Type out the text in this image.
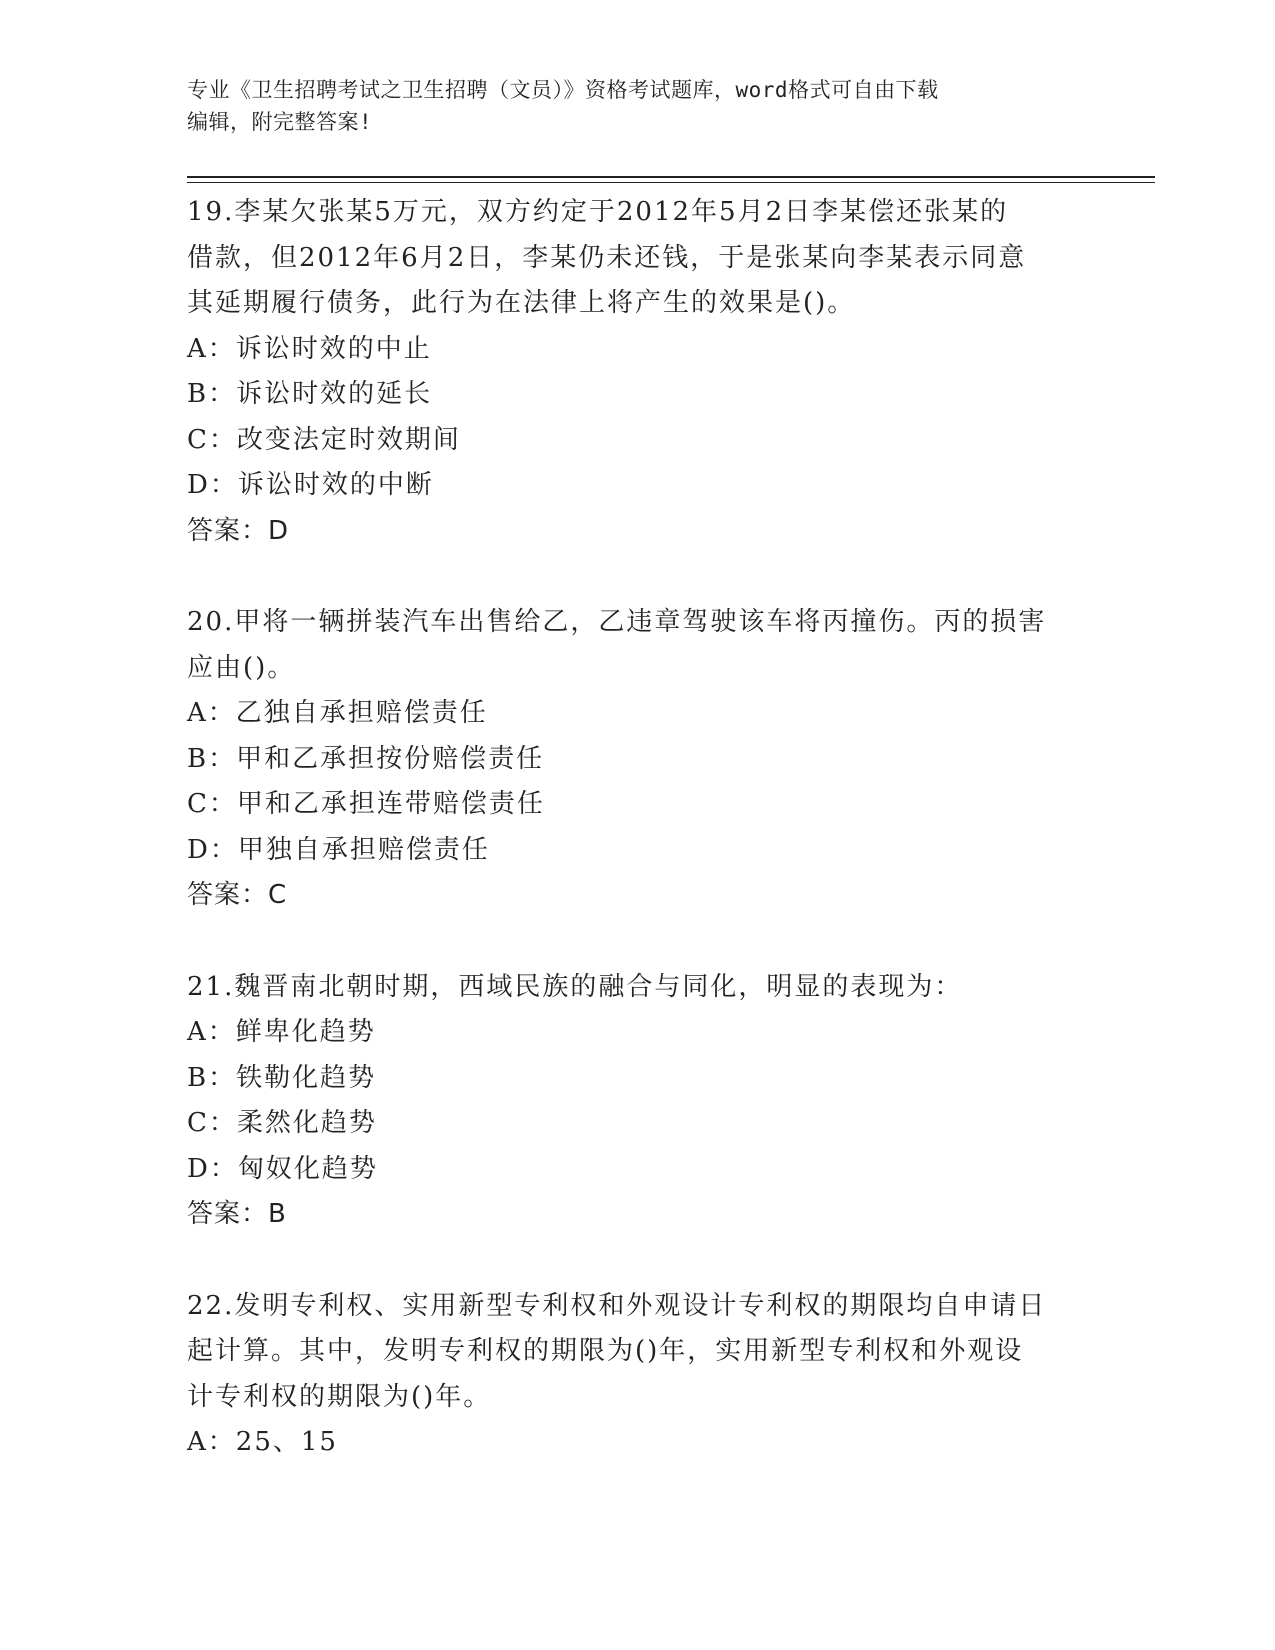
专业《卫生招聘考试之卫生招聘（文员）》资格考试题库，word格式可自由下载
编辑，附完整答案!

19.李某欠张某5万元，双方约定于2012年5月2日李某偿还张某的

借款，但2012年6月2日，李某仍未还钱，于是张某向李某表示同意

其延期履行债务，此行为在法律上将产生的效果是()。

A：诉讼时效的中止

B：诉讼时效的延长

C：改变法定时效期间

D：诉讼时效的中断

答案：D

20.甲将一辆拼装汽车出售给乙，乙违章驾驶该车将丙撞伤。丙的损害

应由()。

A：乙独自承担赔偿责任

B：甲和乙承担按份赔偿责任

C：甲和乙承担连带赔偿责任

D：甲独自承担赔偿责任

答案：C

21.魏晋南北朝时期，西域民族的融合与同化，明显的表现为：

A：鲜卑化趋势

B：铁勒化趋势

C：柔然化趋势

D：匈奴化趋势

答案：B

22.发明专利权、实用新型专利权和外观设计专利权的期限均自申请日

起计算。其中，发明专利权的期限为()年，实用新型专利权和外观设

计专利权的期限为()年。

A：25、15
